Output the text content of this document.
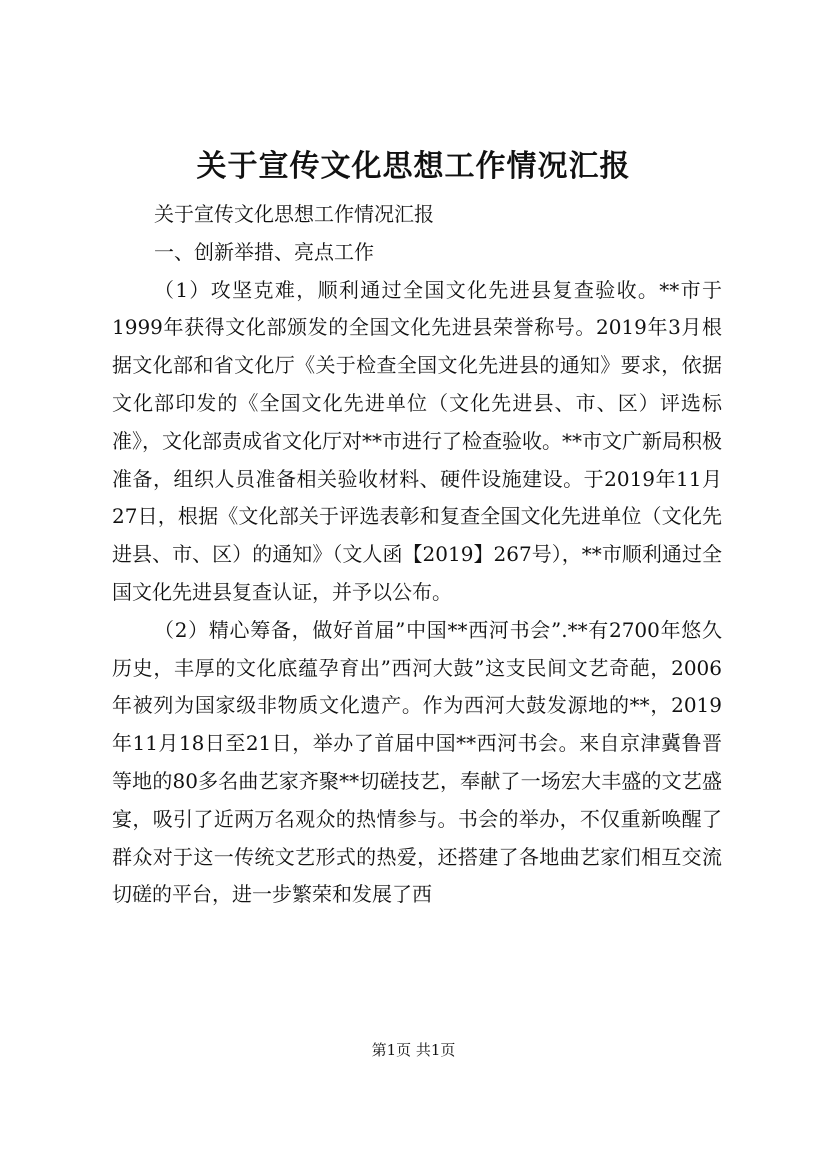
关于宣传文化思想工作情况汇报

关于宣传文化思想工作情况汇报

一、创新举措、亮点工作

（1）攻坚克难，顺利通过全国文化先进县复查验收。**市于1999年获得文化部颁发的全国文化先进县荣誉称号。2019年3月根据文化部和省文化厅《关于检查全国文化先进县的通知》要求，依据文化部印发的《全国文化先进单位（文化先进县、市、区）评选标准》，文化部责成省文化厅对**市进行了检查验收。**市文广新局积极准备，组织人员准备相关验收材料、硬件设施建设。于2019年11月27日，根据《文化部关于评选表彰和复查全国文化先进单位（文化先进县、市、区）的通知》（文人函【2019】267号），**市顺利通过全国文化先进县复查认证，并予以公布。

（2）精心筹备，做好首届”中国**西河书会”.**有2700年悠久历史，丰厚的文化底蕴孕育出”西河大鼓”这支民间文艺奇葩，2006年被列为国家级非物质文化遗产。作为西河大鼓发源地的**，2019年11月18日至21日，举办了首届中国**西河书会。来自京津冀鲁晋等地的80多名曲艺家齐聚**切磋技艺，奉献了一场宏大丰盛的文艺盛宴，吸引了近两万名观众的热情参与。书会的举办，不仅重新唤醒了群众对于这一传统文艺形式的热爱，还搭建了各地曲艺家们相互交流切磋的平台，进一步繁荣和发展了西

第1页 共1页
